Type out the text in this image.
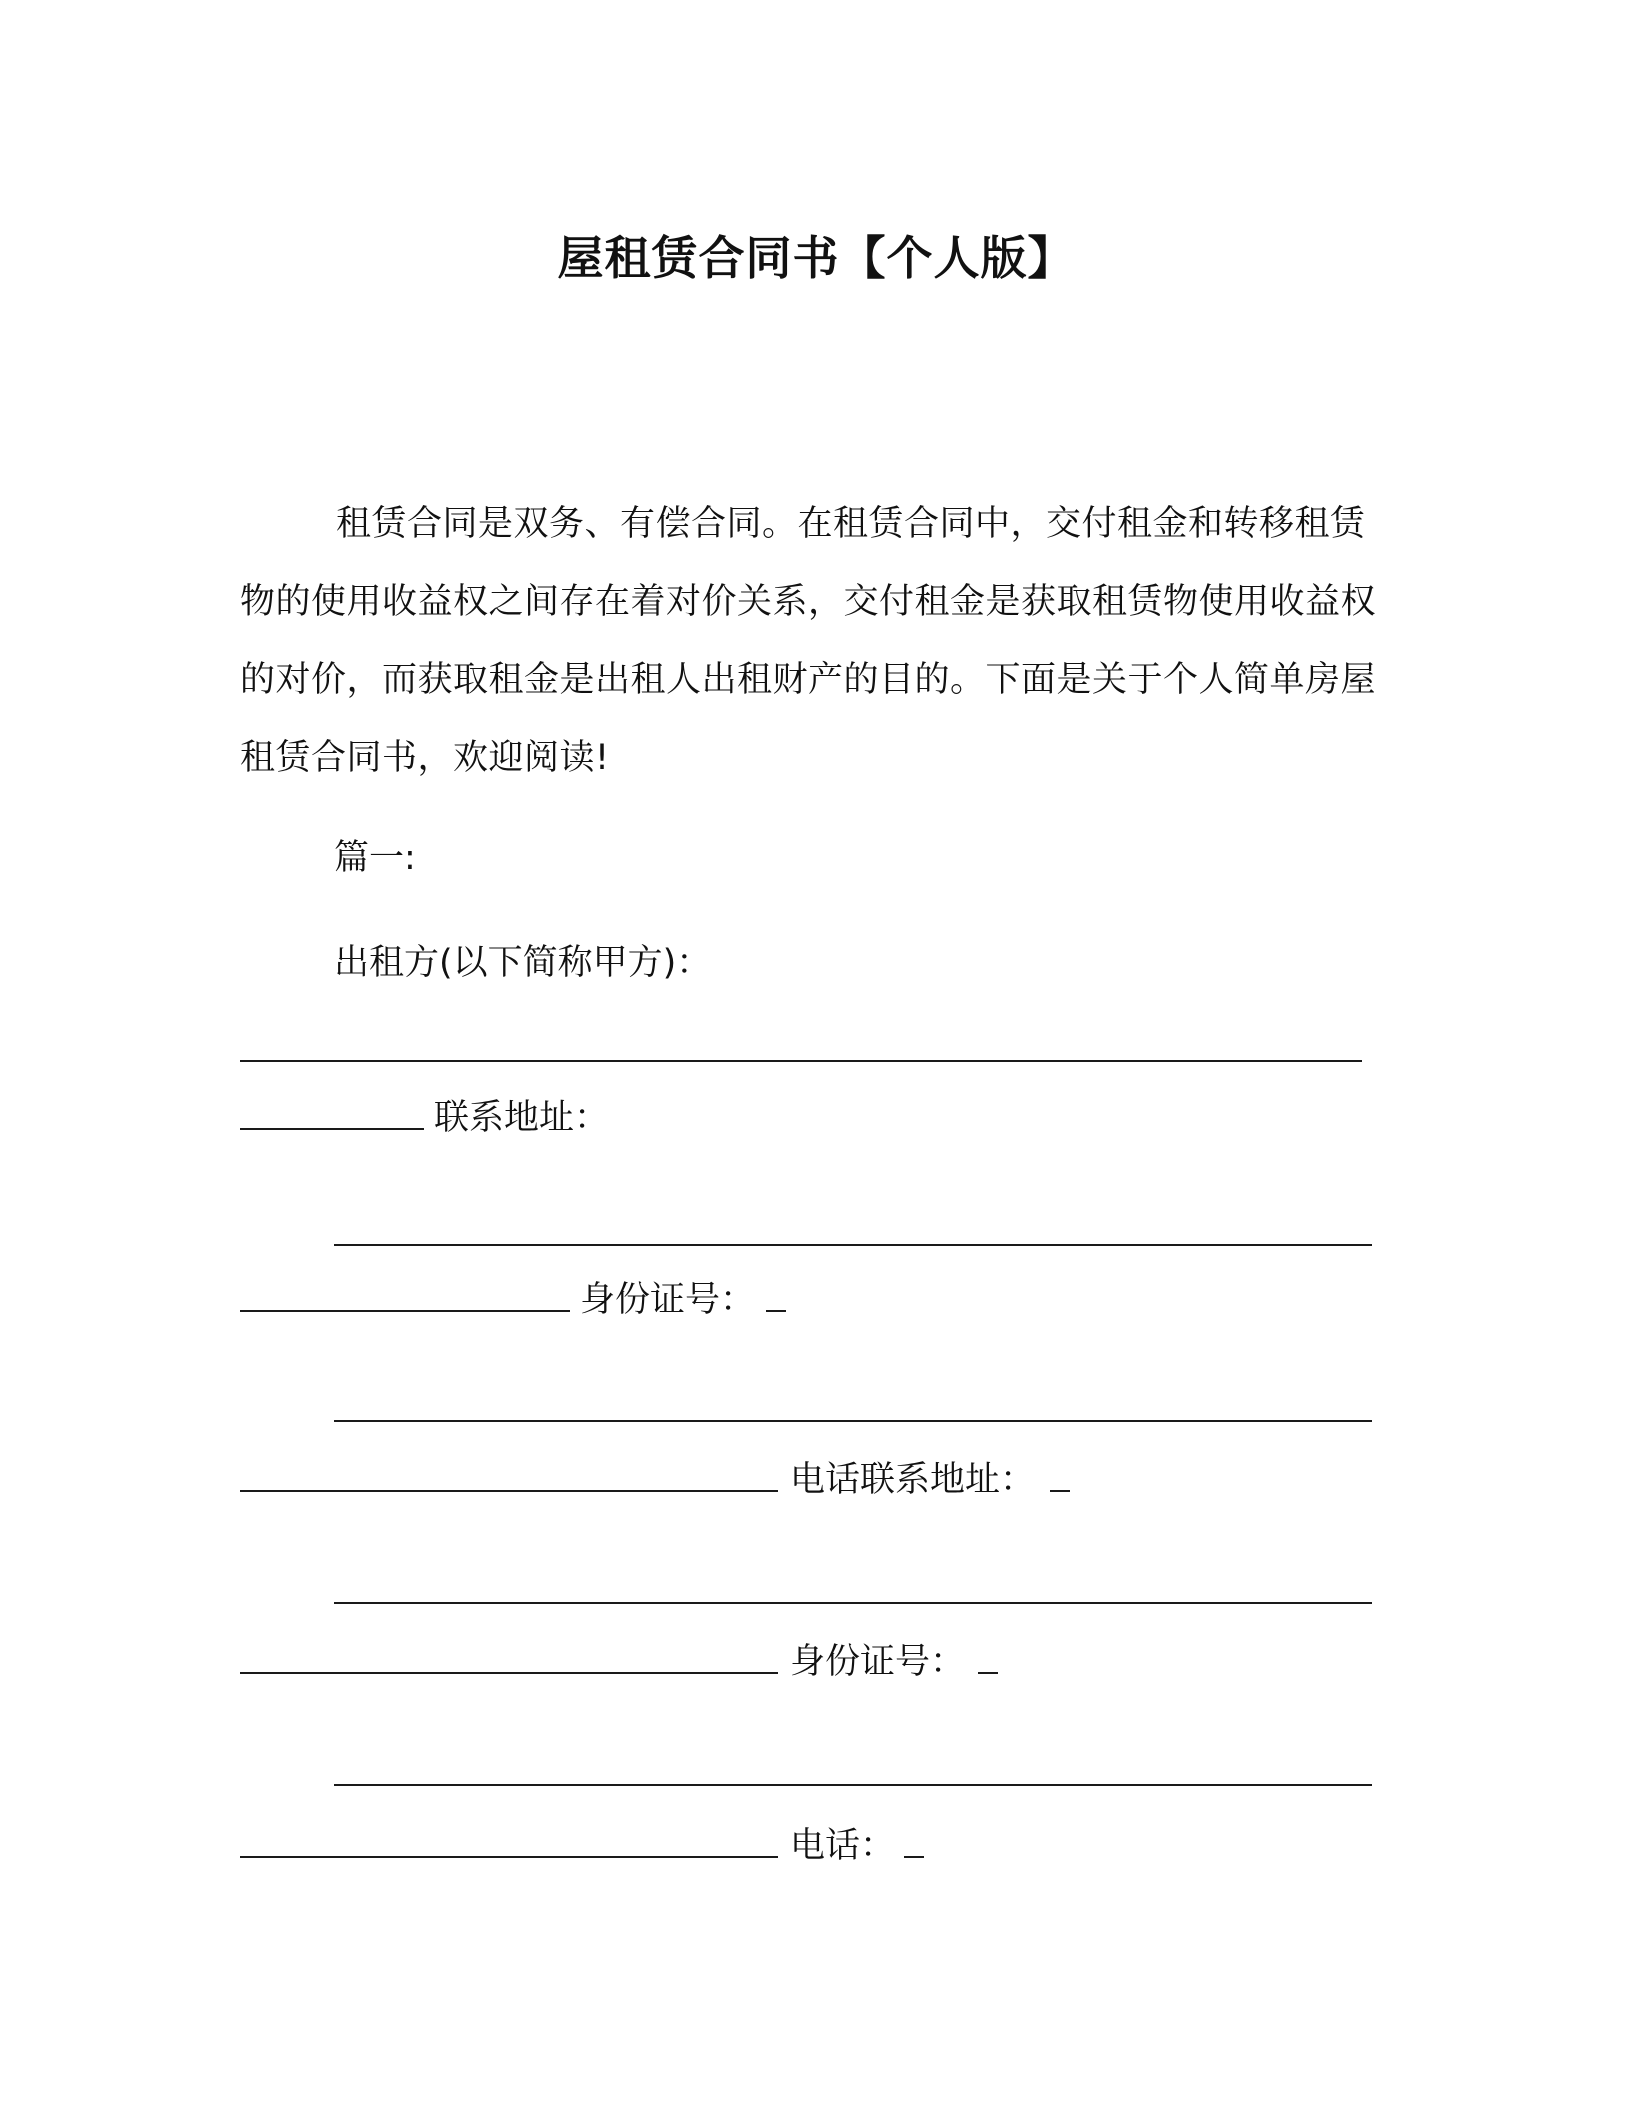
屋租赁合同书【个人版】
租赁合同是双务、有偿合同。在租赁合同中，交付租金和转移租赁物的使用收益权之间存在着对价关系，交付租金是获取租赁物使用收益权的对价，而获取租金是出租人出租财产的目的。下面是关于个人简单房屋租赁合同书，欢迎阅读!
篇一:
出租方(以下简称甲方)：
联系地址：
身份证号：
电话联系地址：
身份证号：
电话：
